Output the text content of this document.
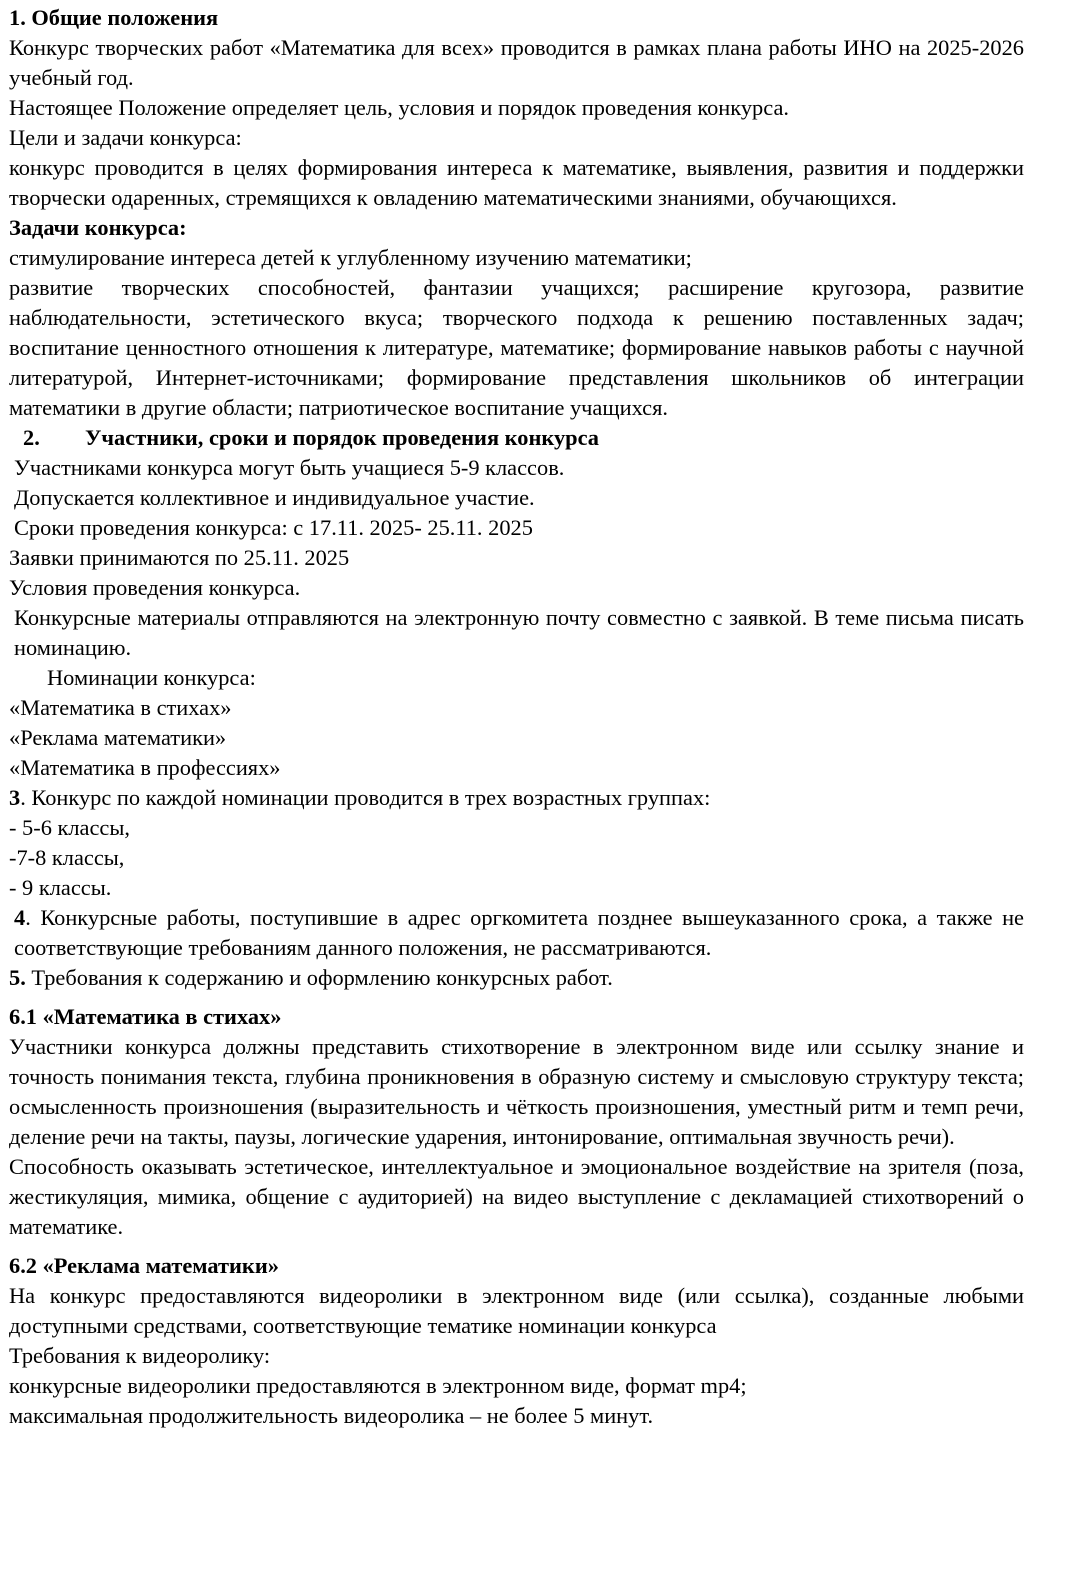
1. Общие положения

Конкурс творческих работ «Математика для всех» проводится в рамках плана работы ИНО на 2025-2026 учебный год.

Настоящее Положение определяет цель, условия и порядок проведения конкурса.

Цели и задачи конкурса:

конкурс проводится в целях формирования интереса к математике, выявления, развития и поддержки творчески одаренных, стремящихся к овладению математическими знаниями, обучающихся.

Задачи конкурса:

стимулирование интереса детей к углубленному изучению математики;

развитие творческих способностей, фантазии учащихся; расширение кругозора, развитие наблюдательности, эстетического вкуса; творческого подхода к решению поставленных задач; воспитание ценностного отношения к литературе, математике; формирование навыков работы с научной литературой, Интернет-источниками; формирование представления школьников об интеграции математики в другие области; патриотическое воспитание учащихся.

2. Участники, сроки и порядок проведения конкурса

Участниками конкурса могут быть учащиеся 5-9 классов.

Допускается коллективное и индивидуальное участие.

Сроки проведения конкурса: с 17.11. 2025- 25.11. 2025

Заявки принимаются по 25.11. 2025

Условия проведения конкурса.

Конкурсные материалы отправляются на электронную почту совместно с заявкой. В теме письма писать номинацию.

Номинации конкурса:

«Математика в стихах»

«Реклама математики»

«Математика в профессиях»

3. Конкурс по каждой номинации проводится в трех возрастных группах:

- 5-6 классы,

-7-8 классы,

- 9 классы.

4. Конкурсные работы, поступившие в адрес оргкомитета позднее вышеуказанного срока, а также не соответствующие требованиям данного положения, не рассматриваются.

5. Требования к содержанию и оформлению конкурсных работ.

6.1 «Математика в стихах»

Участники конкурса должны представить стихотворение в электронном виде или ссылку знание и точность понимания текста, глубина проникновения в образную систему и смысловую структуру текста; осмысленность произношения (выразительность и чёткость произношения, уместный ритм и темп речи, деление речи на такты, паузы, логические ударения, интонирование, оптимальная звучность речи).

Способность оказывать эстетическое, интеллектуальное и эмоциональное воздействие на зрителя (поза, жестикуляция, мимика, общение с аудиторией) на видео выступление с декламацией стихотворений о математике.

6.2 «Реклама математики»

На конкурс предоставляются видеоролики в электронном виде (или ссылка), созданные любыми доступными средствами, соответствующие тематике номинации конкурса

Требования к видеоролику:

конкурсные видеоролики предоставляются в электронном виде, формат mp4;

максимальная продолжительность видеоролика – не более 5 минут.
